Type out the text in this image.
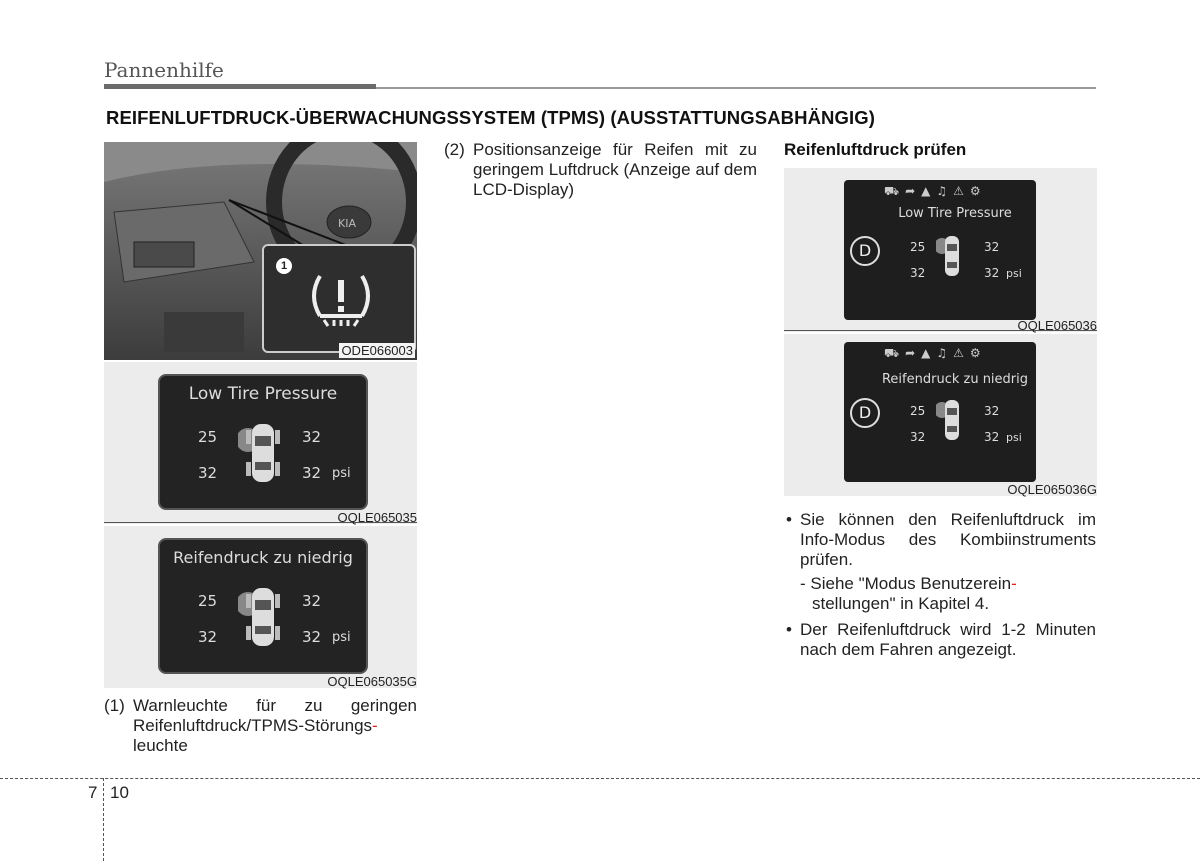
Pannenhilfe
REIFENLUFTDRUCK-ÜBERWACHUNGSSYSTEM (TPMS) (AUSSTATTUNGSABHÄNGIG)
KIA
1
ODE066003
Low Tire Pressure
25	32
32	32 psi
OQLE065035
Reifendruck zu niedrig
25	32
32	32 psi
OQLE065035G
(1) Warnleuchte für zu geringen Reifenluftdruck/TPMS-Störungs-
leuchte
(2) Positionsanzeige für Reifen mit zu geringem Luftdruck (Anzeige auf dem LCD-Display)
Reifenluftdruck prüfen
⛟➦▲♫⚠⚙
Low Tire Pressure
25	32
32	32 psi
D
OQLE065036
⛟➦▲♫⚠⚙
Reifendruck zu niedrig
25	32
32	32 psi
D
OQLE065036G
• Sie können den Reifenluftdruck im Info-Modus des Kombiinstruments prüfen.
- Siehe "Modus Benutzerein-
stellungen" in Kapitel 4.
• Der Reifenluftdruck wird 1-2 Minuten nach dem Fahren angezeigt.
7 10
